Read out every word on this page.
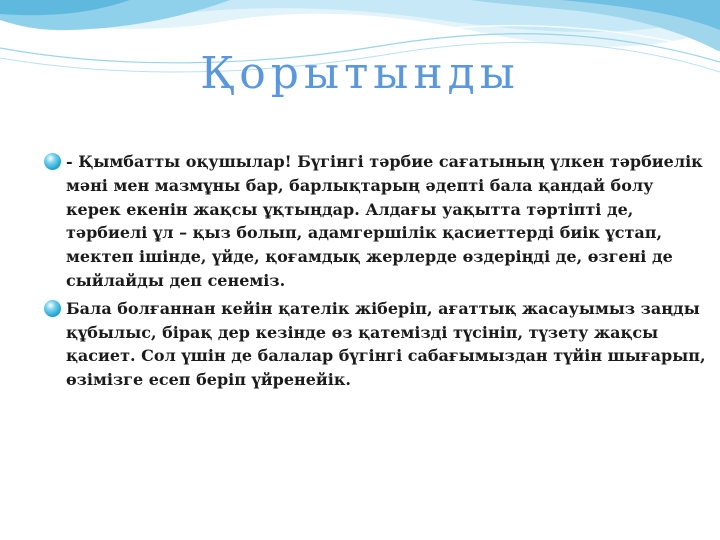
Қорытынды
- Қымбатты оқушылар! Бүгінгі тәрбие сағатының үлкен тәрбиелік мәні мен мазмұны бар, барлықтарың әдепті бала қандай болу керек екенін жақсы ұқтыңдар. Алдағы уақытта тәртіпті де, тәрбиелі ұл – қыз болып, адамгершілік қасиеттерді биік ұстап, мектеп ішінде, үйде, қоғамдық жерлерде өздеріңді де, өзгені де сыйлайды деп сенеміз.
Бала болғаннан кейін қателік жіберіп, ағаттық жасауымыз заңды құбылыс, бірақ дер кезінде өз қатемізді түсініп, түзету жақсы қасиет. Сол үшін де балалар бүгінгі сабағымыздан түйін шығарып, өзімізге есеп беріп үйренейік.
